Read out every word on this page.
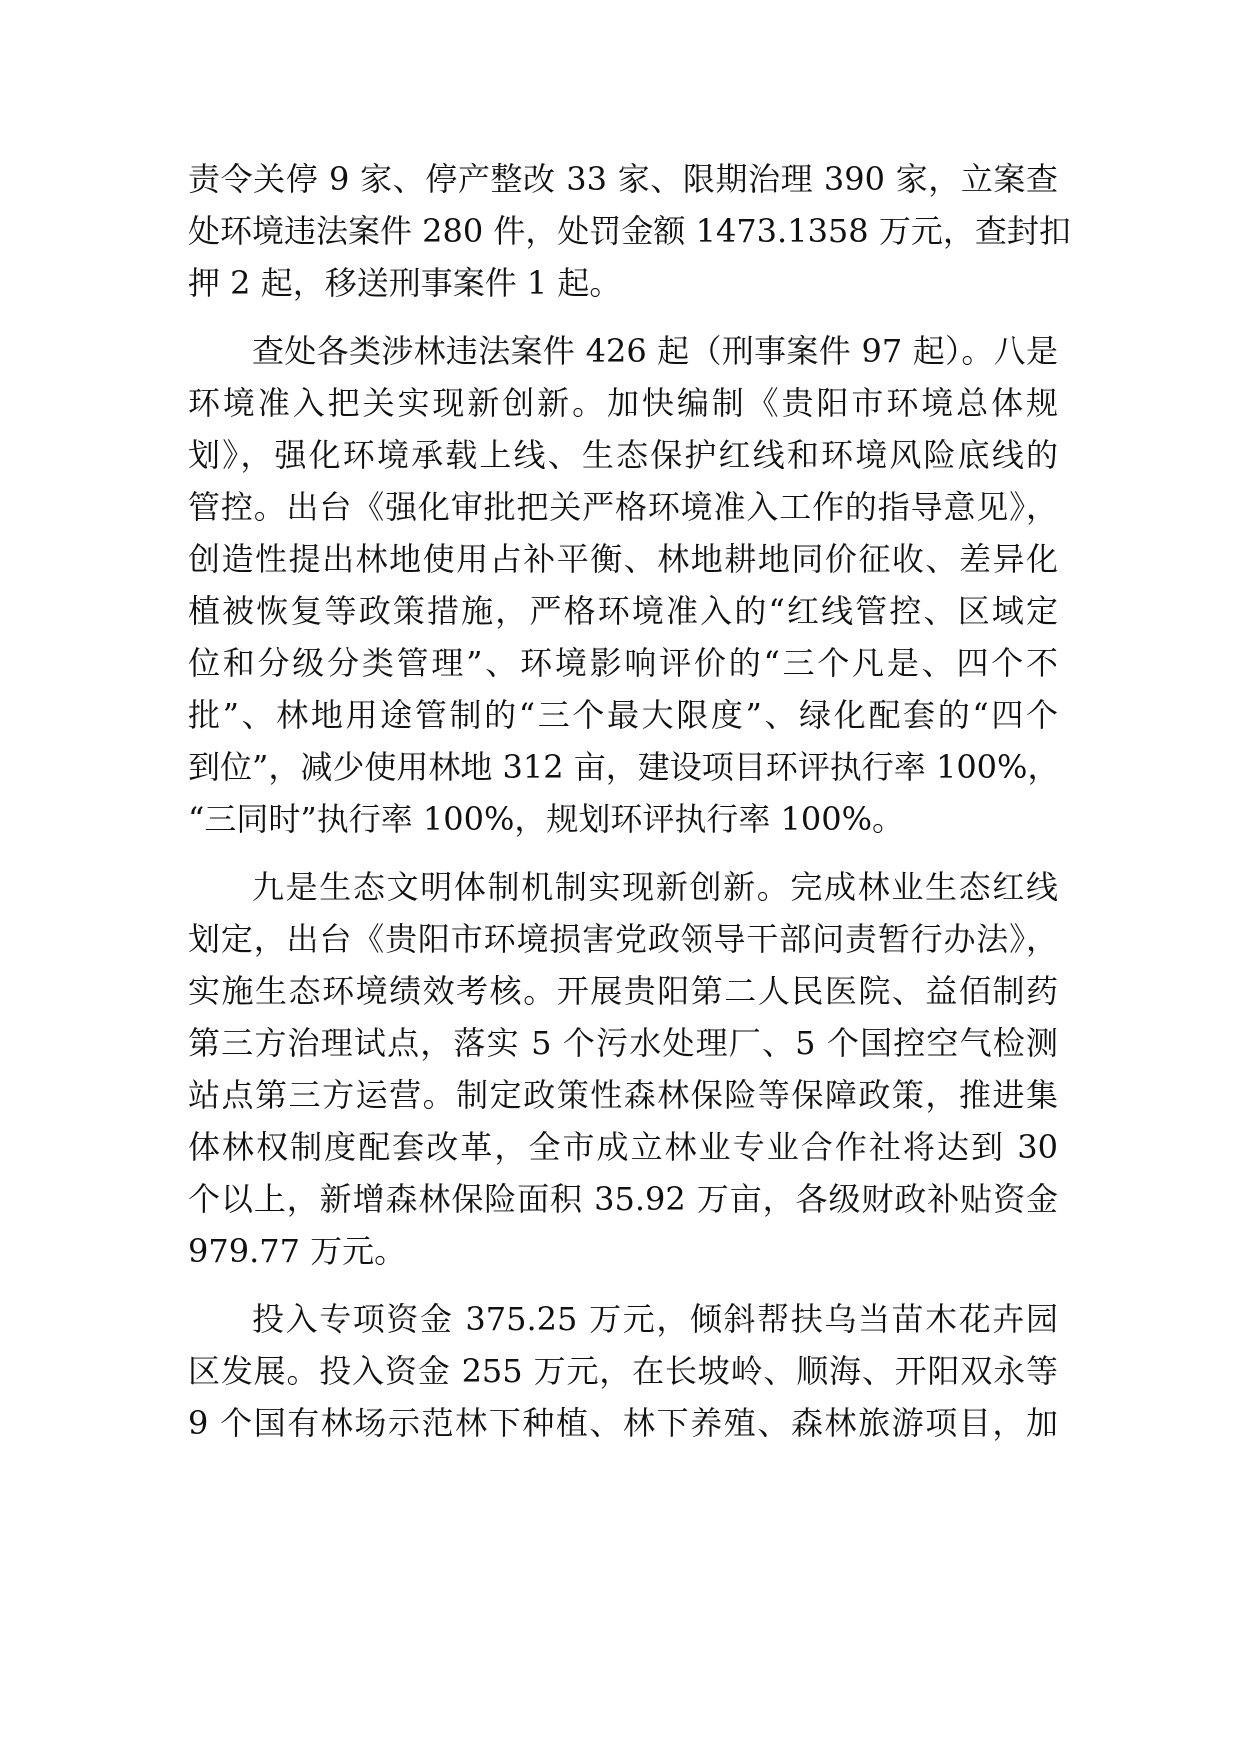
责令关停 9 家、停产整改 33 家、限期治理 390 家，立案查
处环境违法案件 280 件，处罚金额 1473.1358 万元，查封扣
押 2 起，移送刑事案件 1 起。
查处各类涉林违法案件 426 起（刑事案件 97 起）。八是
环境准入把关实现新创新。加快编制《贵阳市环境总体规
划》，强化环境承载上线、生态保护红线和环境风险底线的
管控。出台《强化审批把关严格环境准入工作的指导意见》，
创造性提出林地使用占补平衡、林地耕地同价征收、差异化
植被恢复等政策措施，严格环境准入的“红线管控、区域定
位和分级分类管理”、环境影响评价的“三个凡是、四个不
批”、林地用途管制的“三个最大限度”、绿化配套的“四个
到位”，减少使用林地 312 亩，建设项目环评执行率 100%，
“三同时”执行率 100%，规划环评执行率 100%。
九是生态文明体制机制实现新创新。完成林业生态红线
划定，出台《贵阳市环境损害党政领导干部问责暂行办法》，
实施生态环境绩效考核。开展贵阳第二人民医院、益佰制药
第三方治理试点，落实 5 个污水处理厂、5 个国控空气检测
站点第三方运营。制定政策性森林保险等保障政策，推进集
体林权制度配套改革，全市成立林业专业合作社将达到 30
个以上，新增森林保险面积 35.92 万亩，各级财政补贴资金
979.77 万元。
投入专项资金 375.25 万元，倾斜帮扶乌当苗木花卉园
区发展。投入资金 255 万元，在长坡岭、顺海、开阳双永等
9 个国有林场示范林下种植、林下养殖、森林旅游项目，加
